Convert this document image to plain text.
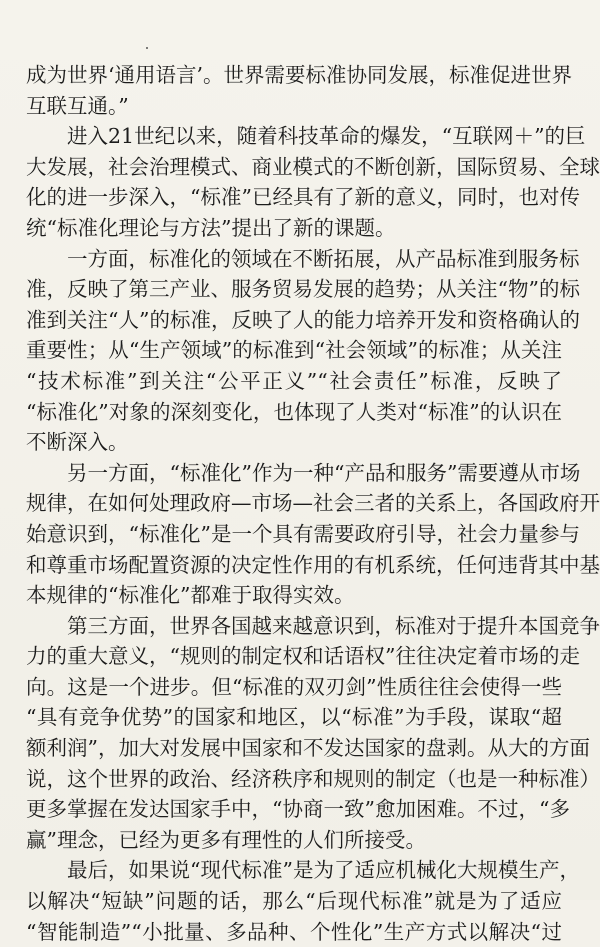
成为世界‘通用语言’。世界需要标准协同发展，标准促进世界
互联互通。”
　　进入21世纪以来，随着科技革命的爆发，“互联网＋”的巨
大发展，社会治理模式、商业模式的不断创新，国际贸易、全球
化的进一步深入，“标准”已经具有了新的意义，同时，也对传
统“标准化理论与方法”提出了新的课题。
　　一方面，标准化的领域在不断拓展，从产品标准到服务标
准，反映了第三产业、服务贸易发展的趋势；从关注“物”的标
准到关注“人”的标准，反映了人的能力培养开发和资格确认的
重要性；从“生产领域”的标准到“社会领域”的标准；从关注
“技术标准”到关注“公平正义”“社会责任”标准，反映了
“标准化”对象的深刻变化，也体现了人类对“标准”的认识在
不断深入。
　　另一方面，“标准化”作为一种“产品和服务”需要遵从市场
规律，在如何处理政府—市场—社会三者的关系上，各国政府开
始意识到，“标准化”是一个具有需要政府引导，社会力量参与
和尊重市场配置资源的决定性作用的有机系统，任何违背其中基
本规律的“标准化”都难于取得实效。
　　第三方面，世界各国越来越意识到，标准对于提升本国竞争
力的重大意义，“规则的制定权和话语权”往往决定着市场的走
向。这是一个进步。但“标准的双刃剑”性质往往会使得一些
“具有竞争优势”的国家和地区，以“标准”为手段，谋取“超
额利润”，加大对发展中国家和不发达国家的盘剥。从大的方面
说，这个世界的政治、经济秩序和规则的制定（也是一种标准）
更多掌握在发达国家手中，“协商一致”愈加困难。不过，“多
赢”理念，已经为更多有理性的人们所接受。
　　最后，如果说“现代标准”是为了适应机械化大规模生产，
以解决“短缺”问题的话，那么“后现代标准”就是为了适应
“智能制造”“小批量、多品种、个性化”生产方式以解决“过
